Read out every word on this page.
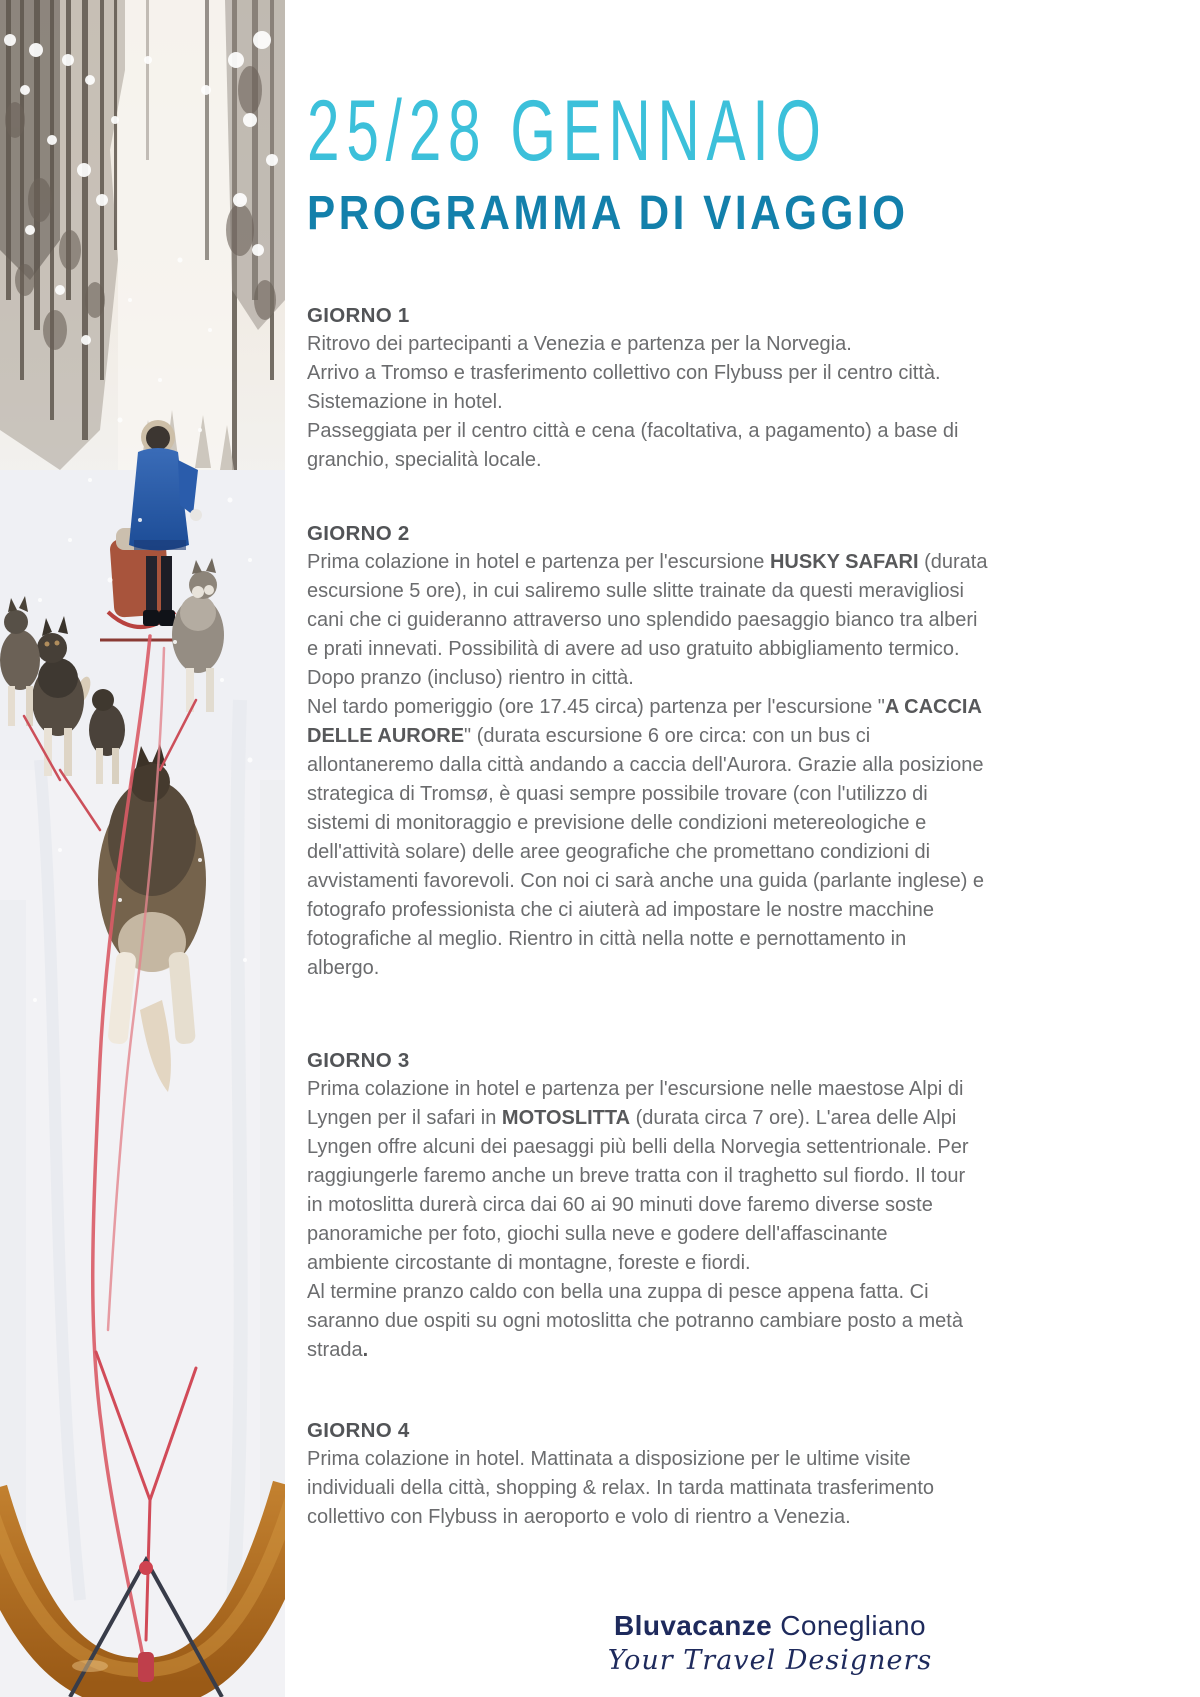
25/28 GENNAIO
PROGRAMMA DI VIAGGIO
GIORNO 1
Ritrovo dei partecipanti a Venezia e partenza per la Norvegia.
Arrivo a Tromso e trasferimento collettivo con Flybuss per il centro città.
Sistemazione in hotel.
Passeggiata per il centro città e cena (facoltativa, a pagamento) a base di
granchio, specialità locale.
GIORNO 2
Prima colazione in hotel e partenza per l'escursione HUSKY SAFARI (durata
escursione 5 ore), in cui saliremo sulle slitte trainate da questi meravigliosi
cani che ci guideranno attraverso uno splendido paesaggio bianco tra alberi
e prati innevati. Possibilità di avere ad uso gratuito abbigliamento termico.
Dopo pranzo (incluso) rientro in città.
Nel tardo pomeriggio (ore 17.45 circa) partenza per l'escursione "A CACCIA
DELLE AURORE" (durata escursione 6 ore circa: con un bus ci
allontaneremo dalla città andando a caccia dell'Aurora. Grazie alla posizione
strategica di Tromsø, è quasi sempre possibile trovare (con l'utilizzo di
sistemi di monitoraggio e previsione delle condizioni metereologiche e
dell'attività solare) delle aree geografiche che promettano condizioni di
avvistamenti favorevoli. Con noi ci sarà anche una guida (parlante inglese) e
fotografo professionista che ci aiuterà ad impostare le nostre macchine
fotografiche al meglio. Rientro in città nella notte e pernottamento in
albergo.
GIORNO 3
Prima colazione in hotel e partenza per l'escursione nelle maestose Alpi di
Lyngen per il safari in MOTOSLITTA (durata circa 7 ore). L'area delle Alpi
Lyngen offre alcuni dei paesaggi più belli della Norvegia settentrionale. Per
raggiungerle faremo anche un breve tratta con il traghetto sul fiordo. Il tour
in motoslitta durerà circa dai 60 ai 90 minuti dove faremo diverse soste
panoramiche per foto, giochi sulla neve e godere dell'affascinante
ambiente circostante di montagne, foreste e fiordi.
Al termine pranzo caldo con bella una zuppa di pesce appena fatta. Ci
saranno due ospiti su ogni motoslitta che potranno cambiare posto a metà
strada.
GIORNO 4
Prima colazione in hotel. Mattinata a disposizione per le ultime visite
individuali della città, shopping & relax. In tarda mattinata trasferimento
collettivo con Flybuss in aeroporto e volo di rientro a Venezia.
Bluvacanze Conegliano
Your Travel Designers
